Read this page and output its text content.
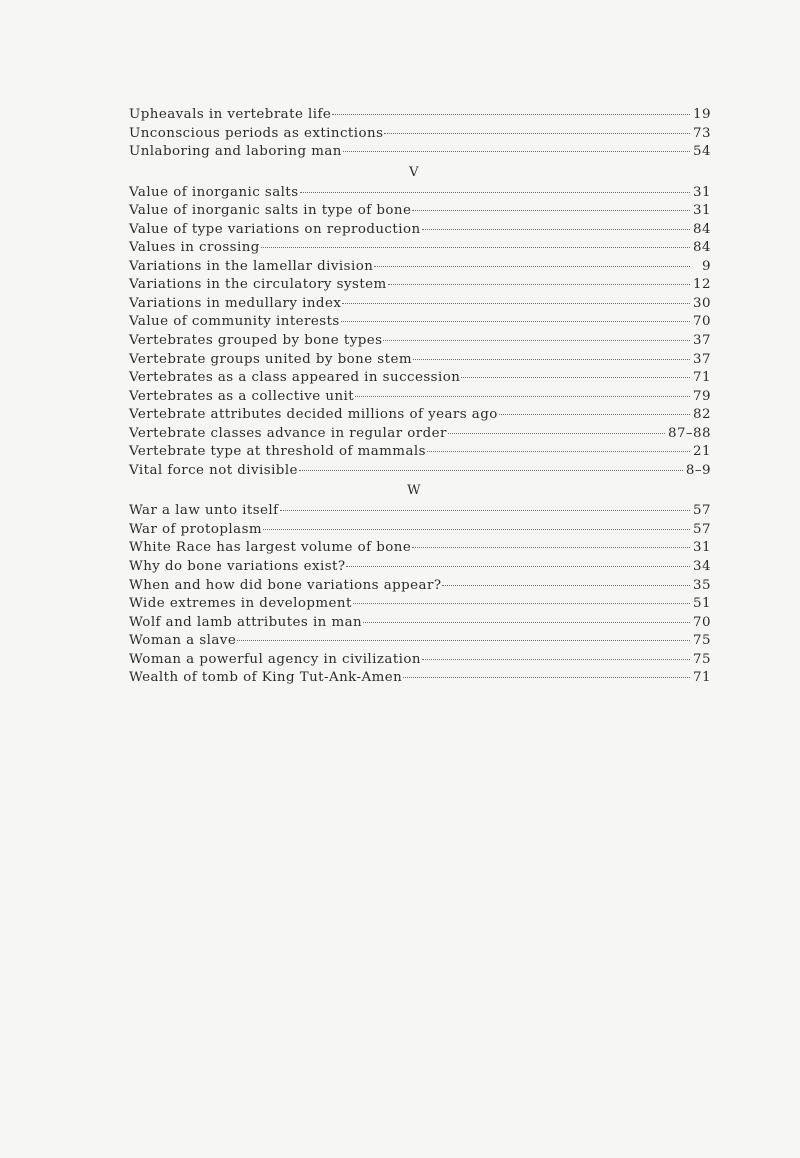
Upheavals in vertebrate life	19
Unconscious periods as extinctions	73
Unlaboring and laboring man	54
V
Value of inorganic salts	31
Value of inorganic salts in type of bone	31
Value of type variations on reproduction	84
Values in crossing	84
Variations in the lamellar division	9
Variations in the circulatory system	12
Variations in medullary index	30
Value of community interests	70
Vertebrates grouped by bone types	37
Vertebrate groups united by bone stem	37
Vertebrates as a class appeared in succession	71
Vertebrates as a collective unit	79
Vertebrate attributes decided millions of years ago	82
Vertebrate classes advance in regular order	87–88
Vertebrate type at threshold of mammals	21
Vital force not divisible	8–9
W
War a law unto itself	57
War of protoplasm	57
White Race has largest volume of bone	31
Why do bone variations exist?	34
When and how did bone variations appear?	35
Wide extremes in development	51
Wolf and lamb attributes in man	70
Woman a slave	75
Woman a powerful agency in civilization	75
Wealth of tomb of King Tut-Ank-Amen	71
